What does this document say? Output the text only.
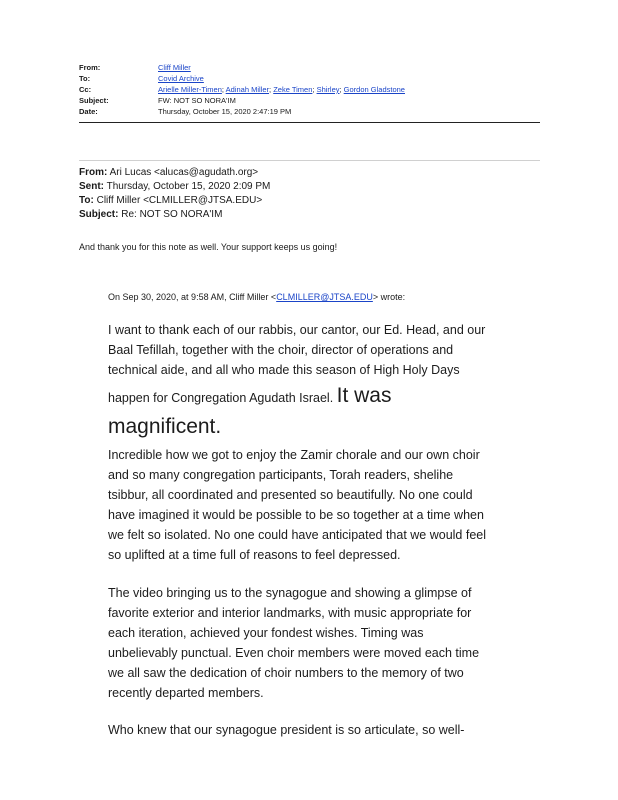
From:	Cliff Miller
To:	Covid Archive
Cc:	Arielle Miller-Timen; Adinah Miller; Zeke Timen; Shirley; Gordon Gladstone
Subject:	FW: NOT SO NORA'IM
Date:	Thursday, October 15, 2020 2:47:19 PM
From: Ari Lucas <alucas@agudath.org>
Sent: Thursday, October 15, 2020 2:09 PM
To: Cliff Miller <CLMILLER@JTSA.EDU>
Subject: Re: NOT SO NORA'IM
And thank you for this note as well. Your support keeps us going!
On Sep 30, 2020, at 9:58 AM, Cliff Miller <CLMILLER@JTSA.EDU> wrote:
I want to thank each of our rabbis, our cantor, our Ed. Head, and our
Baal Tefillah, together with the choir, director of operations and
technical aide, and all who made this season of High Holy Days
happen for Congregation Agudath Israel. It was
magnificent.
Incredible how we got to enjoy the Zamir chorale and our own choir
and so many congregation participants, Torah readers, shelihe
tsibbur, all coordinated and presented so beautifully. No one could
have imagined it would be possible to be so together at a time when
we felt so isolated. No one could have anticipated that we would feel
so uplifted at a time full of reasons to feel depressed.
The video bringing us to the synagogue and showing a glimpse of
favorite exterior and interior landmarks, with music appropriate for
each iteration, achieved your fondest wishes. Timing was
unbelievably punctual. Even choir members were moved each time
we all saw the dedication of choir numbers to the memory of two
recently departed members.
Who knew that our synagogue president is so articulate, so well-
